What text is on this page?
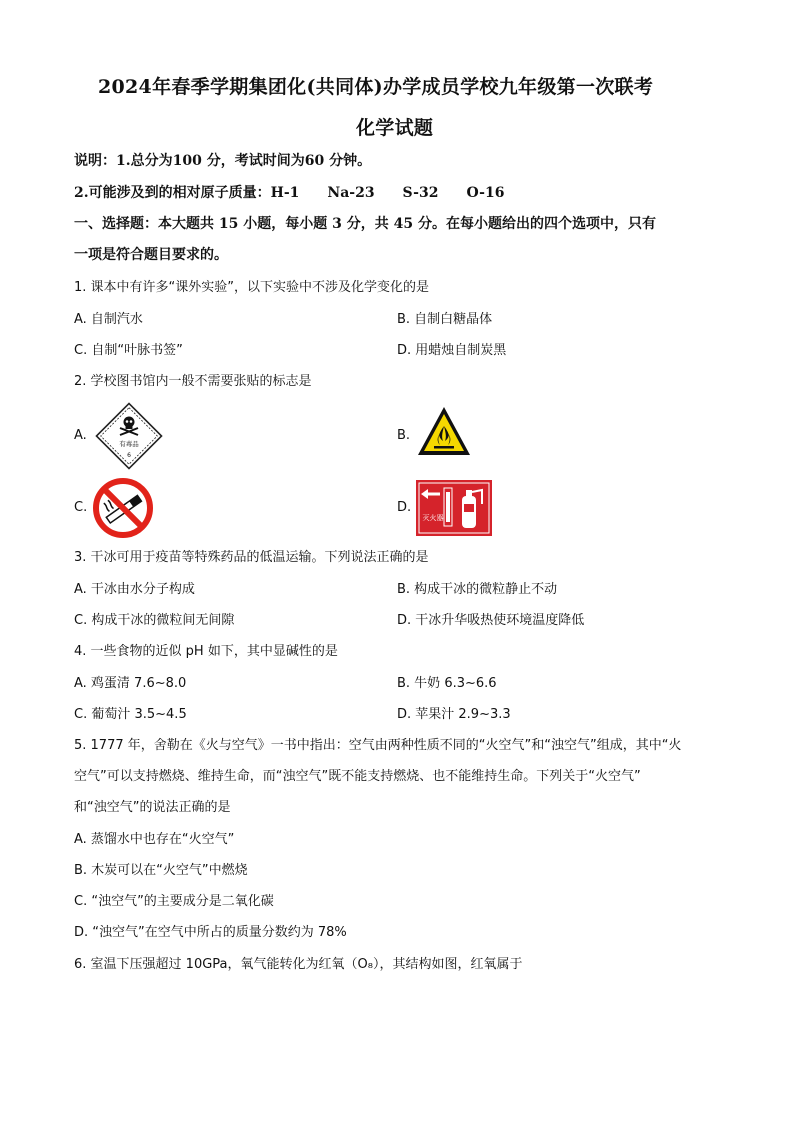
2024年春季学期集团化(共同体)办学成员学校九年级第一次联考
化学试题
说明：1.总分为100 分，考试时间为60 分钟。
2.可能涉及到的相对原子质量：H-1　　Na-23　　S-32　　O-16
一、选择题：本大题共 15 小题，每小题 3 分，共 45 分。在每小题给出的四个选项中，只有
一项是符合题目要求的。
1. 课本中有许多“课外实验”，以下实验中不涉及化学变化的是
A. 自制汽水	B. 自制白糖晶体
C. 自制“叶脉书签”	D. 用蜡烛自制炭黑
2. 学校图书馆内一般不需要张贴的标志是
A.	B.
C.	D.
有毒品
6
灭火器
3. 干冰可用于疫苗等特殊药品的低温运输。下列说法正确的是
A. 干冰由水分子构成	B. 构成干冰的微粒静止不动
C. 构成干冰的微粒间无间隙	D. 干冰升华吸热使环境温度降低
4. 一些食物的近似 pH 如下，其中显碱性的是
A. 鸡蛋清 7.6~8.0	B. 牛奶 6.3~6.6
C. 葡萄汁 3.5~4.5	D. 苹果汁 2.9~3.3
5. 1777 年，舍勒在《火与空气》一书中指出：空气由两种性质不同的“火空气”和“浊空气”组成，其中“火
空气”可以支持燃烧、维持生命，而“浊空气”既不能支持燃烧、也不能维持生命。下列关于“火空气”
和“浊空气”的说法正确的是
A. 蒸馏水中也存在“火空气”
B. 木炭可以在“火空气”中燃烧
C. “浊空气”的主要成分是二氧化碳
D. “浊空气”在空气中所占的质量分数约为 78%
6. 室温下压强超过 10GPa，氧气能转化为红氧（O₈），其结构如图，红氧属于
